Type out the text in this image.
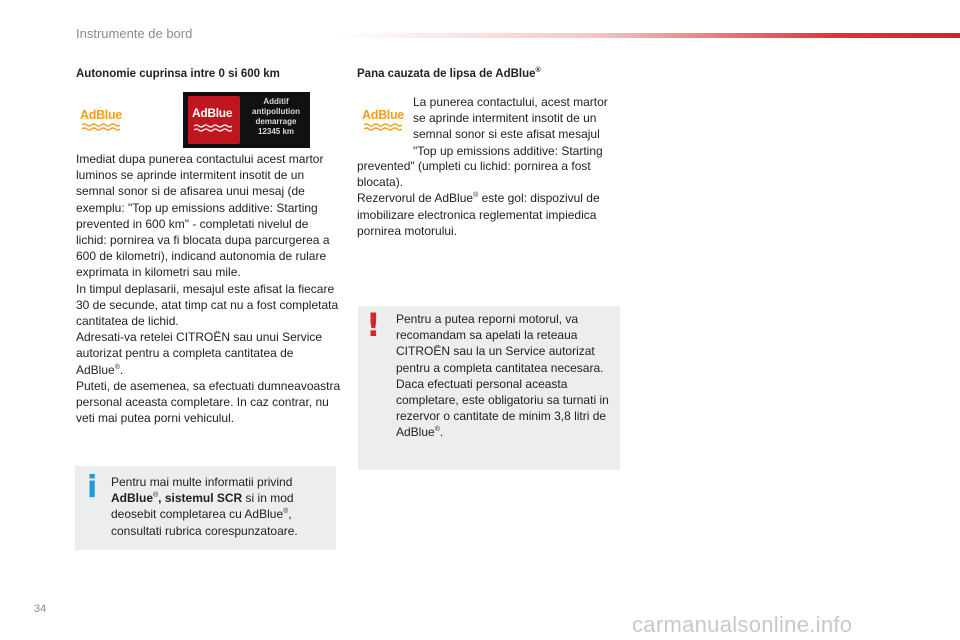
Instrumente de bord
Autonomie cuprinsa intre 0 si 600 km
AdBlue	AdBlue
Additif
antipollution
demarrage
12345 km

Imediat dupa punerea contactului acest martor luminos se aprinde intermitent insotit de un semnal sonor si de afisarea unui mesaj (de exemplu: "Top up emissions additive: Starting prevented in 600 km" - completati nivelul de lichid: pornirea va fi blocata dupa parcurgerea a 600 de kilometri), indicand autonomia de rulare exprimata in kilometri sau mile.

In timpul deplasarii, mesajul este afisat la fiecare 30 de secunde, atat timp cat nu a fost completata cantitatea de lichid.

Adresati-va retelei CITROËN sau unui Service autorizat pentru a completa cantitatea de AdBlue®.

Puteti, de asemenea, sa efectuati dumneavoastra personal aceasta completare. In caz contrar, nu veti mai putea porni vehiculul.

i Pentru mai multe informatii privind
AdBlue®, sistemul SCR si in mod deosebit completarea cu AdBlue®, consultati rubrica corespunzatoare.
Pana cauzata de lipsa de AdBlue®
AdBlue
La punerea contactului, acest martor se aprinde intermitent insotit de un semnal sonor si este afisat mesajul "Top up emissions additive: Starting

prevented" (umpleti cu lichid: pornirea a fost blocata).

Rezervorul de AdBlue® este gol: dispozivul de imobilizare electronica reglementat impiedica pornirea motorului.

! Pentru a putea reporni motorul, va recomandam sa apelati la reteaua CITROËN sau la un Service autorizat pentru a completa cantitatea necesara. Daca efectuati personal aceasta completare, este obligatoriu sa turnati in rezervor o cantitate de minim 3,8 litri de AdBlue®.
34
carmanualsonline.info
